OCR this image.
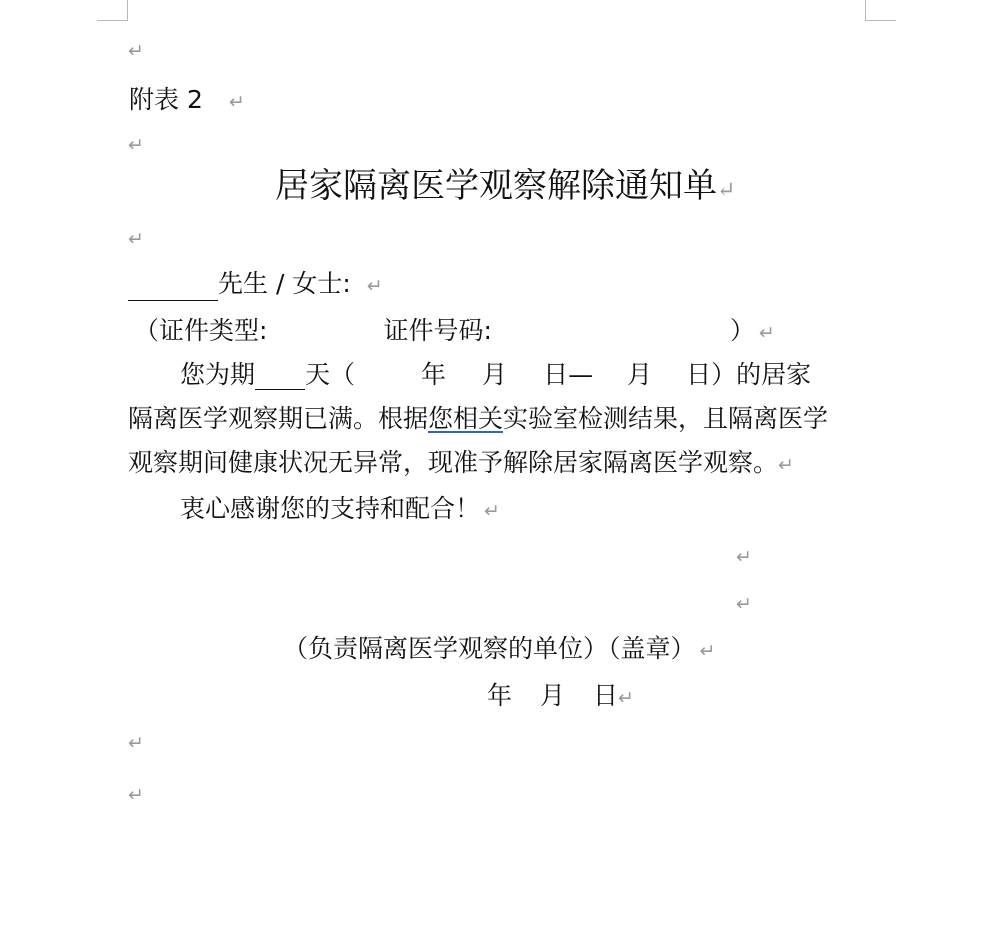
↵
附表 2 ↵
↵
居家隔离医学观察解除通知单↵
↵
先生 / 女士: ↵
（证件类型:	证件号码:	） ↵
您为期 天（	年 月 日— 月 日）的居家
隔离医学观察期已满。根据您相关实验室检测结果，且隔离医学
观察期间健康状况无异常，现准予解除居家隔离医学观察。↵
衷心感谢您的支持和配合！ ↵
↵
↵
（负责隔离医学观察的单位）（盖章） ↵
年 月 日↵
↵
↵
